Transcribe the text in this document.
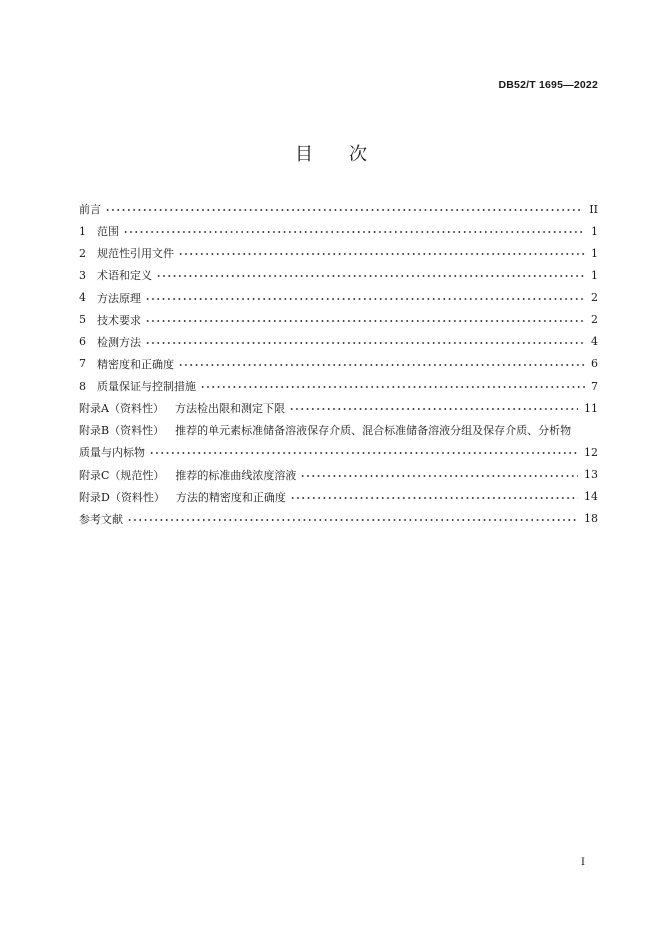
DB52/T 1695—2022
目　　次
前言	II
1 范围	1
2 规范性引用文件	1
3 术语和定义	1
4 方法原理	2
5 技术要求	2
6 检测方法	4
7 精密度和正确度	6
8 质量保证与控制措施	7
附录A（资料性） 方法检出限和测定下限	11
附录B（资料性） 推荐的单元素标准储备溶液保存介质、混合标准储备溶液分组及保存介质、分析物
质量与内标物	12
附录C（规范性） 推荐的标准曲线浓度溶液	13
附录D（资料性） 方法的精密度和正确度	14
参考文献	18
I
